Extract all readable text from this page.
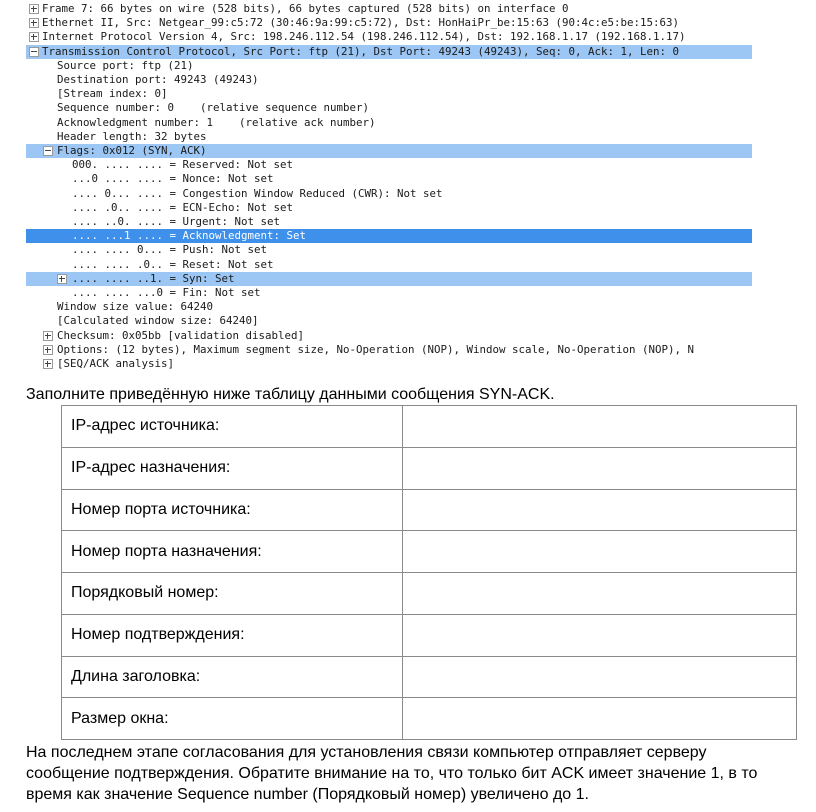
Frame 7: 66 bytes on wire (528 bits), 66 bytes captured (528 bits) on interface 0
Ethernet II, Src: Netgear_99:c5:72 (30:46:9a:99:c5:72), Dst: HonHaiPr_be:15:63 (90:4c:e5:be:15:63)
Internet Protocol Version 4, Src: 198.246.112.54 (198.246.112.54), Dst: 192.168.1.17 (192.168.1.17)
Transmission Control Protocol, Src Port: ftp (21), Dst Port: 49243 (49243), Seq: 0, Ack: 1, Len: 0
Source port: ftp (21)
Destination port: 49243 (49243)
[Stream index: 0]
Sequence number: 0    (relative sequence number)
Acknowledgment number: 1    (relative ack number)
Header length: 32 bytes
Flags: 0x012 (SYN, ACK)
000. .... .... = Reserved: Not set
...0 .... .... = Nonce: Not set
.... 0... .... = Congestion Window Reduced (CWR): Not set
.... .0.. .... = ECN-Echo: Not set
.... ..0. .... = Urgent: Not set
.... ...1 .... = Acknowledgment: Set
.... .... 0... = Push: Not set
.... .... .0.. = Reset: Not set
.... .... ..1. = Syn: Set
.... .... ...0 = Fin: Not set
Window size value: 64240
[Calculated window size: 64240]
Checksum: 0x05bb [validation disabled]
Options: (12 bytes), Maximum segment size, No-Operation (NOP), Window scale, No-Operation (NOP), N
[SEQ/ACK analysis]
Заполните приведённую ниже таблицу данными сообщения SYN-ACK.
IP-адрес источника:	
IP-адрес назначения:	
Номер порта источника:	
Номер порта назначения:	
Порядковый номер:	
Номер подтверждения:	
Длина заголовка:	
Размер окна:	
На последнем этапе согласования для установления связи компьютер отправляет серверу
сообщение подтверждения. Обратите внимание на то, что только бит ACK имеет значение 1, в то
время как значение Sequence number (Порядковый номер) увеличено до 1.
